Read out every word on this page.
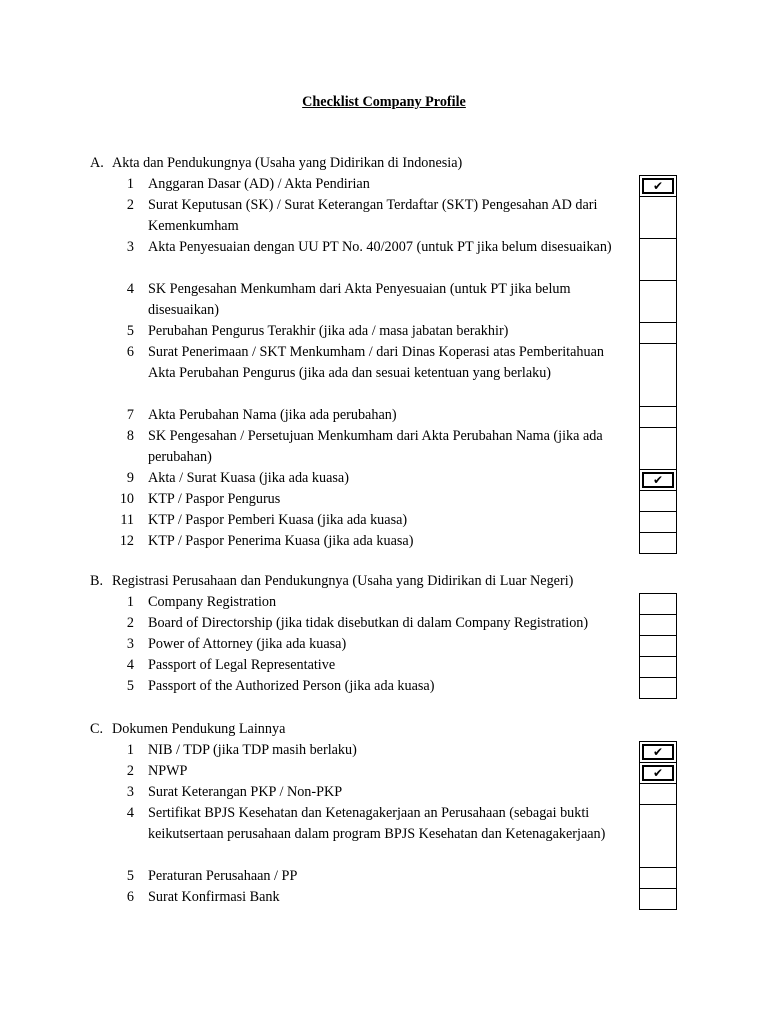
Checklist Company Profile
A. Akta dan Pendukungnya (Usaha yang Didirikan di Indonesia)
1 Anggaran Dasar (AD) / Akta Pendirian	✔
2 Surat Keputusan (SK) / Surat Keterangan Terdaftar (SKT) Pengesahan AD dari Kemenkumham
3 Akta Penyesuaian dengan UU PT No. 40/2007 (untuk PT jika belum disesuaikan)
4 SK Pengesahan Menkumham dari Akta Penyesuaian (untuk PT jika belum disesuaikan)
5 Perubahan Pengurus Terakhir (jika ada / masa jabatan berakhir)
6 Surat Penerimaan / SKT Menkumham / dari Dinas Koperasi atas Pemberitahuan Akta Perubahan Pengurus (jika ada dan sesuai ketentuan yang berlaku)
7 Akta Perubahan Nama (jika ada perubahan)
8 SK Pengesahan / Persetujuan Menkumham dari Akta Perubahan Nama (jika ada perubahan)
9 Akta / Surat Kuasa (jika ada kuasa)	✔
10 KTP / Paspor Pengurus
11 KTP / Paspor Pemberi Kuasa (jika ada kuasa)
12 KTP / Paspor Penerima Kuasa (jika ada kuasa)
B. Registrasi Perusahaan dan Pendukungnya (Usaha yang Didirikan di Luar Negeri)
1 Company Registration
2 Board of Directorship (jika tidak disebutkan di dalam Company Registration)
3 Power of Attorney (jika ada kuasa)
4 Passport of Legal Representative
5 Passport of the Authorized Person (jika ada kuasa)
C. Dokumen Pendukung Lainnya
1 NIB / TDP (jika TDP masih berlaku)	✔
2 NPWP	✔
3 Surat Keterangan PKP / Non-PKP
4 Sertifikat BPJS Kesehatan dan Ketenagakerjaan an Perusahaan (sebagai bukti keikutsertaan perusahaan dalam program BPJS Kesehatan dan Ketenagakerjaan)
5 Peraturan Perusahaan / PP
6 Surat Konfirmasi Bank
